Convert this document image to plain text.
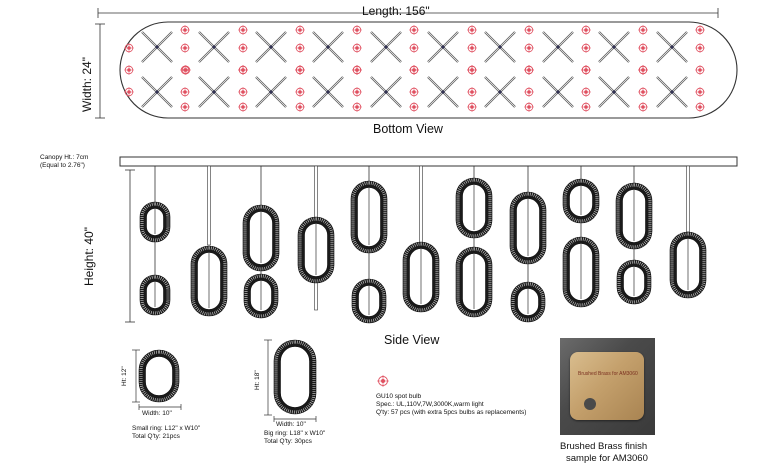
Length: 156"
Width: 24"
Bottom View
Canopy Ht.: 7cm
(Equal to 2.76")
Height: 40"
Side View
Ht: 12"
Width: 10"
Small ring: L12" x W10"
Total Q'ty: 21pcs
Ht: 18"
Width: 10"
Big ring: L18" x W10"
Total Q'ty: 30pcs
GU10 spot bulb
Spec.: UL,110V,7W,3000K,warm light
Q'ty: 57 pcs (with extra 5pcs bulbs as replacements)
Brushed Brass for AM3060
Brushed Brass finish
sample for AM3060
